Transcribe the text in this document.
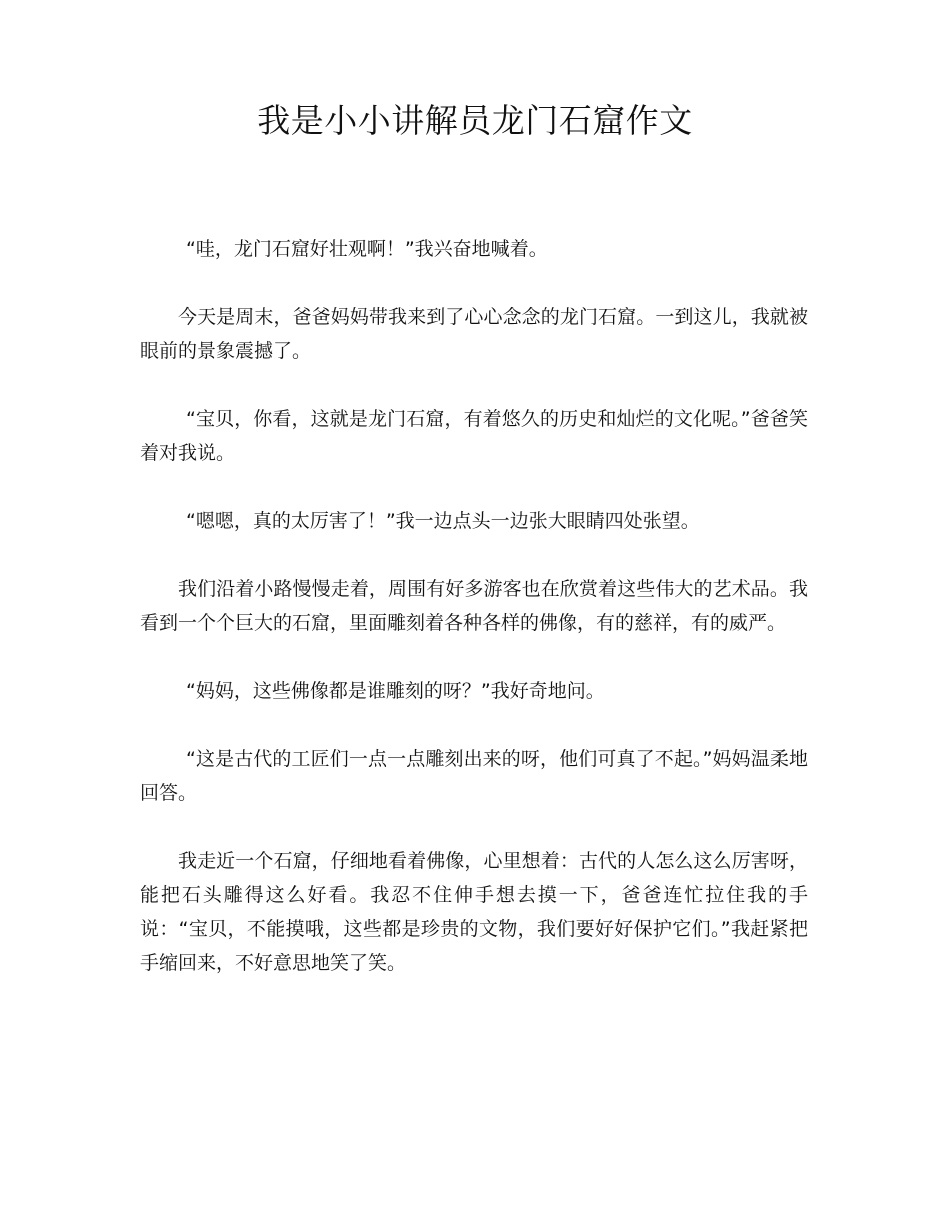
我是小小讲解员龙门石窟作文

“哇，龙门石窟好壮观啊！”我兴奋地喊着。

今天是周末，爸爸妈妈带我来到了心心念念的龙门石窟。一到这儿，我就被眼前的景象震撼了。

“宝贝，你看，这就是龙门石窟，有着悠久的历史和灿烂的文化呢。”爸爸笑着对我说。

“嗯嗯，真的太厉害了！”我一边点头一边张大眼睛四处张望。

我们沿着小路慢慢走着，周围有好多游客也在欣赏着这些伟大的艺术品。我看到一个个巨大的石窟，里面雕刻着各种各样的佛像，有的慈祥，有的威严。

“妈妈，这些佛像都是谁雕刻的呀？”我好奇地问。

“这是古代的工匠们一点一点雕刻出来的呀，他们可真了不起。”妈妈温柔地回答。

我走近一个石窟，仔细地看着佛像，心里想着：古代的人怎么这么厉害呀，能把石头雕得这么好看。我忍不住伸手想去摸一下，爸爸连忙拉住我的手说：“宝贝，不能摸哦，这些都是珍贵的文物，我们要好好保护它们。”我赶紧把手缩回来，不好意思地笑了笑。
